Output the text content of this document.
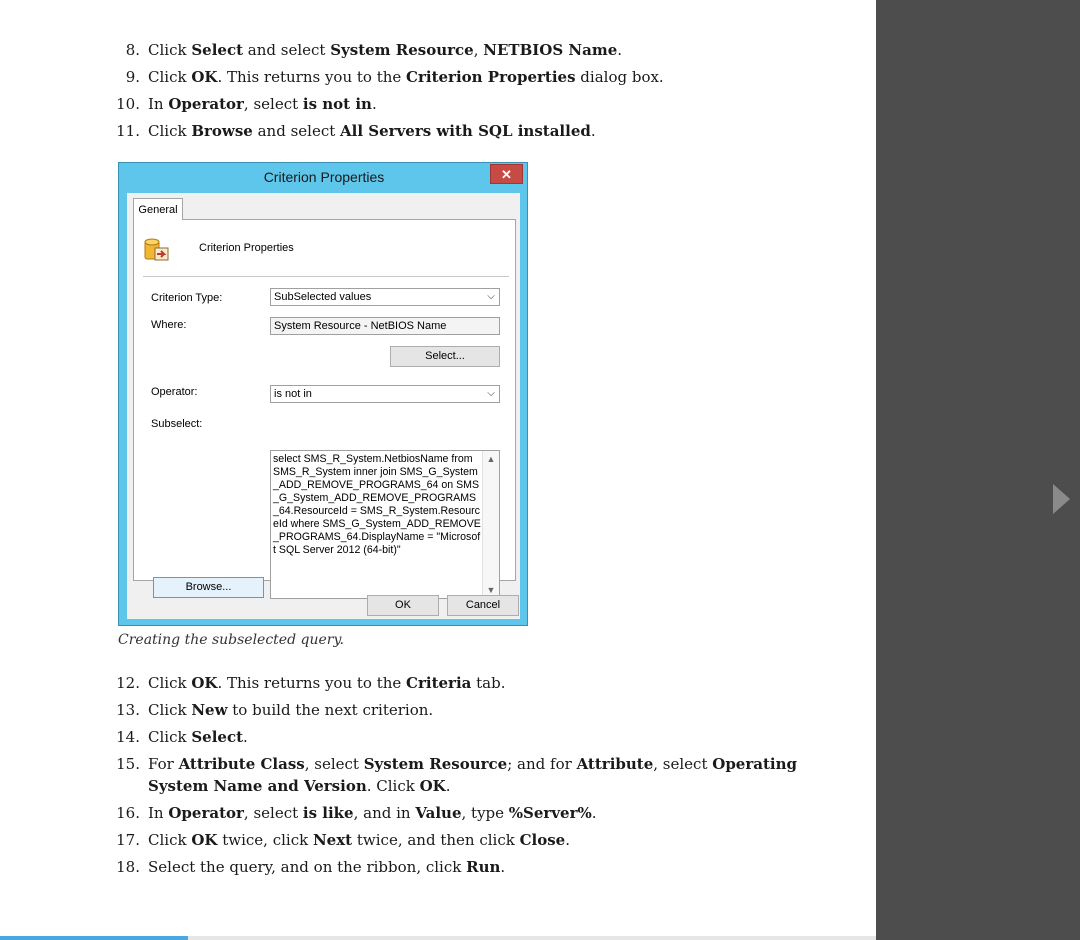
8. Click Select and select System Resource, NETBIOS Name.
9. Click OK. This returns you to the Criterion Properties dialog box.
10. In Operator, select is not in.
11. Click Browse and select All Servers with SQL installed.
Criterion Properties	✕
General
Criterion Properties
Criterion Type:	SubSelected values	⌵
Where:	System Resource - NetBIOS Name
Select...
Operator:	is not in	⌵
Subselect:
select SMS_R_System.NetbiosName from SMS_R_System inner join SMS_G_System_ADD_REMOVE_PROGRAMS_64 on SMS_G_System_ADD_REMOVE_PROGRAMS_64.ResourceId = SMS_R_System.ResourceId where SMS_G_System_ADD_REMOVE_PROGRAMS_64.DisplayName = "Microsoft SQL Server 2012 (64-bit)"
▲
▼
Browse...
OK	Cancel
Creating the subselected query.
12. Click OK. This returns you to the Criteria tab.
13. Click New to build the next criterion.
14. Click Select.
15. For Attribute Class, select System Resource; and for Attribute, select Operating System Name and Version. Click OK.
16. In Operator, select is like, and in Value, type %Server%.
17. Click OK twice, click Next twice, and then click Close.
18. Select the query, and on the ribbon, click Run.
